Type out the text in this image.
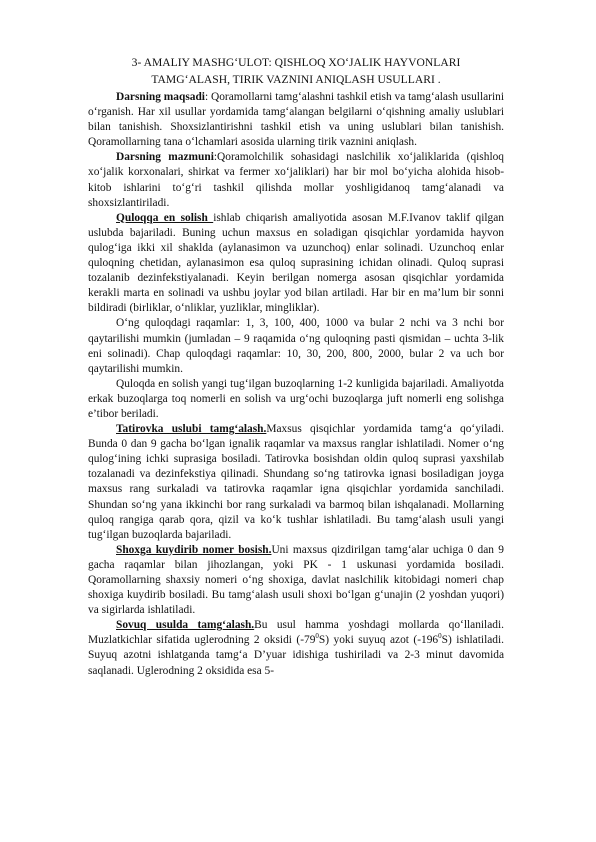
3- AMALIY MASHG‘ULOT: QISHLOQ XO‘JALIK HAYVONLARI
TAMG‘ALASH, TIRIK VAZNINI ANIQLASH USULLARI .

Darsning maqsadi: Qoramollarni tamg‘alashni tashkil etish va tamg‘alash usullarini o‘rganish. Har xil usullar yordamida tamg‘alangan belgilarni o‘qishning amaliy uslublari bilan tanishish. Shoxsizlantirishni tashkil etish va uning uslublari bilan tanishish. Qoramollarning tana o‘lchamlari asosida ularning tirik vaznini aniqlash.

Darsning mazmuni:Qoramolchilik sohasidagi naslchilik xo‘jaliklarida (qishloq xo‘jalik korxonalari, shirkat va fermer xo‘jaliklari) har bir mol bo‘yicha alohida hisob-kitob ishlarini to‘g‘ri tashkil qilishda mollar yoshligidanoq tamg‘alanadi va shoxsizlantiriladi.

Quloqqa en solish ishlab chiqarish amaliyotida asosan M.F.Ivanov taklif qilgan uslubda bajariladi. Buning uchun maxsus en soladigan qisqichlar yordamida hayvon qulog‘iga ikki xil shaklda (aylanasimon va uzunchoq) enlar solinadi. Uzunchoq enlar quloqning chetidan, aylanasimon esa quloq suprasining ichidan olinadi. Quloq suprasi tozalanib dezinfekstiyalanadi. Keyin berilgan nomerga asosan qisqichlar yordamida kerakli marta en solinadi va ushbu joylar yod bilan artiladi. Har bir en ma’lum bir sonni bildiradi (birliklar, o‘nliklar, yuzliklar, mingliklar).

O‘ng quloqdagi raqamlar: 1, 3, 100, 400, 1000 va bular 2 nchi va 3 nchi bor qaytarilishi mumkin (jumladan – 9 raqamida o‘ng quloqning pasti qismidan – uchta 3-lik eni solinadi). Chap quloqdagi raqamlar: 10, 30, 200, 800, 2000, bular 2 va uch bor qaytarilishi mumkin.

Quloqda en solish yangi tug‘ilgan buzoqlarning 1-2 kunligida bajariladi. Amaliyotda erkak buzoqlarga toq nomerli en solish va urg‘ochi buzoqlarga juft nomerli eng solishga e’tibor beriladi.

Tatirovka uslubi tamg‘alash.Maxsus qisqichlar yordamida tamg‘a qo‘yiladi. Bunda 0 dan 9 gacha bo‘lgan ignalik raqamlar va maxsus ranglar ishlatiladi. Nomer o‘ng qulog‘ining ichki suprasiga bosiladi. Tatirovka bosishdan oldin quloq suprasi yaxshilab tozalanadi va dezinfekstiya qilinadi. Shundang so‘ng tatirovka ignasi bosiladigan joyga maxsus rang surkaladi va tatirovka raqamlar igna qisqichlar yordamida sanchiladi. Shundan so‘ng yana ikkinchi bor rang surkaladi va barmoq bilan ishqalanadi. Mollarning quloq rangiga qarab qora, qizil va ko‘k tushlar ishlatiladi. Bu tamg‘alash usuli yangi tug‘ilgan buzoqlarda bajariladi.

Shoxga kuydirib nomer bosish.Uni maxsus qizdirilgan tamg‘alar uchiga 0 dan 9 gacha raqamlar bilan jihozlangan, yoki PK - 1 uskunasi yordamida bosiladi. Qoramollarning shaxsiy nomeri o‘ng shoxiga, davlat naslchilik kitobidagi nomeri chap shoxiga kuydirib bosiladi. Bu tamg‘alash usuli shoxi bo‘lgan g‘unajin (2 yoshdan yuqori) va sigirlarda ishlatiladi.

Sovuq usulda tamg‘alash.Bu usul hamma yoshdagi mollarda qo‘llaniladi. Muzlatkichlar sifatida uglerodning 2 oksidi $(-79^0S)$ yoki suyuq azot $(-196^0S)$ ishlatiladi. Suyuq azotni ishlatganda tamg‘a D’yuar idishiga tushiriladi va 2-3 minut davomida saqlanadi. Uglerodning 2 oksidida esa 5-
